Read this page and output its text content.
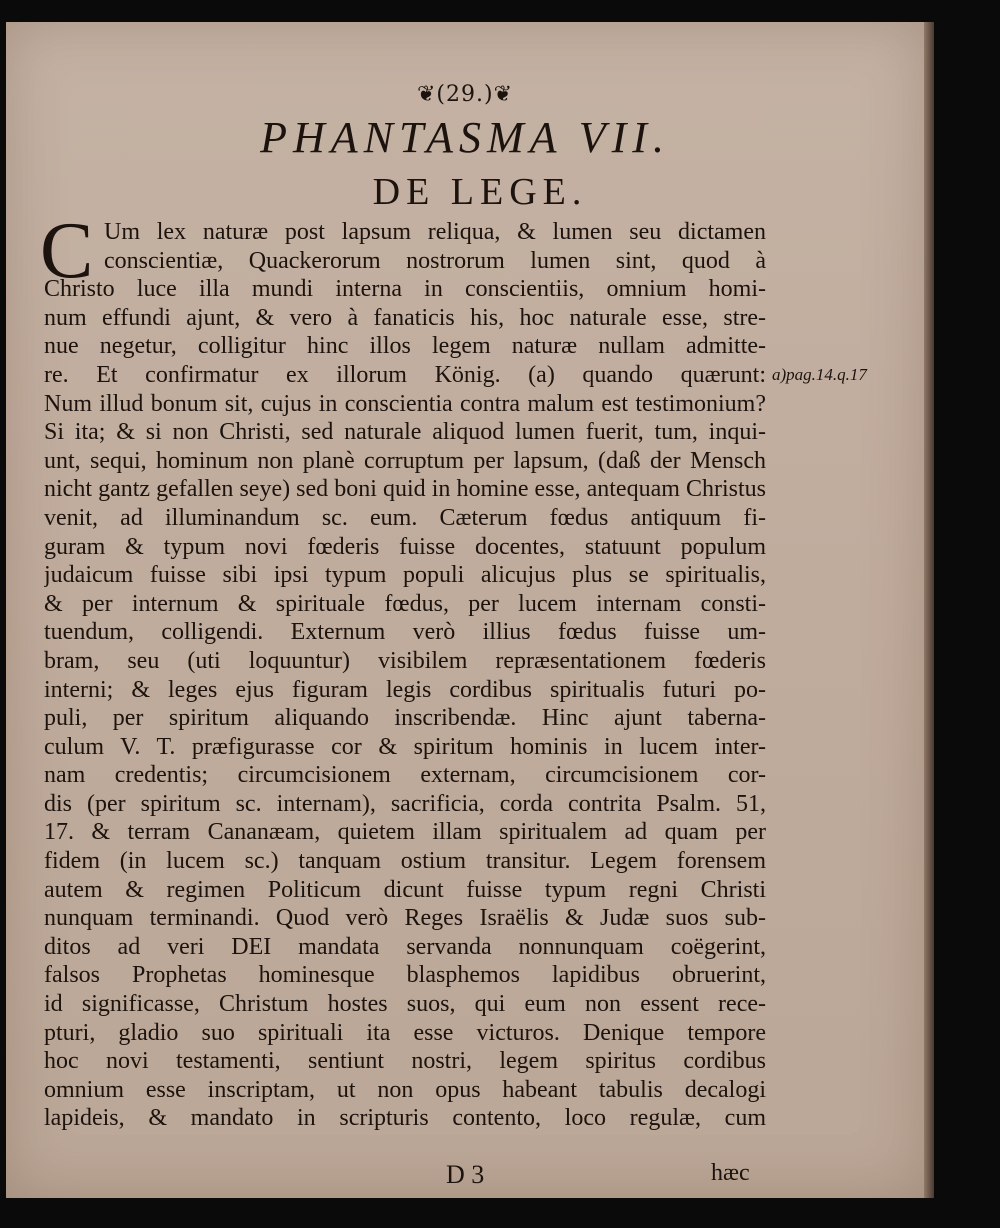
❦(29.)❦
PHANTASMA VII.
DE LEGE.
C Um lex naturæ post lapsum reliqua, & lumen seu dictamen
conscientiæ, Quackerorum nostrorum lumen sint, quod à
Christo luce illa mundi interna in conscientiis, omnium homi-
num effundi ajunt, & vero à fanaticis his, hoc naturale esse, stre-
nue negetur, colligitur hinc illos legem naturæ nullam admitte-
re. Et confirmatur ex illorum König. (a) quando quærunt:
Num illud bonum sit, cujus in conscientia contra malum est testimonium?
Si ita; & si non Christi, sed naturale aliquod lumen fuerit, tum, inqui-
unt, sequi, hominum non planè corruptum per lapsum, (daß der Mensch
nicht gantz gefallen seye) sed boni quid in homine esse, antequam Christus
venit, ad illuminandum sc. eum. Cæterum fœdus antiquum fi-
guram & typum novi fœderis fuisse docentes, statuunt populum
judaicum fuisse sibi ipsi typum populi alicujus plus se spiritualis,
& per internum & spirituale fœdus, per lucem internam consti-
tuendum, colligendi. Externum verò illius fœdus fuisse um-
bram, seu (uti loquuntur) visibilem repræsentationem fœderis
interni; & leges ejus figuram legis cordibus spiritualis futuri po-
puli, per spiritum aliquando inscribendæ. Hinc ajunt taberna-
culum V. T. præfigurasse cor & spiritum hominis in lucem inter-
nam credentis; circumcisionem externam, circumcisionem cor-
dis (per spiritum sc. internam), sacrificia, corda contrita Psalm. 51,
17. & terram Cananæam, quietem illam spiritualem ad quam per
fidem (in lucem sc.) tanquam ostium transitur. Legem forensem
autem & regimen Politicum dicunt fuisse typum regni Christi
nunquam terminandi. Quod verò Reges Israëlis & Judæ suos sub-
ditos ad veri DEI mandata servanda nonnunquam coëgerint,
falsos Prophetas hominesque blasphemos lapidibus obruerint,
id significasse, Christum hostes suos, qui eum non essent rece-
pturi, gladio suo spirituali ita esse victuros. Denique tempore
hoc novi testamenti, sentiunt nostri, legem spiritus cordibus
omnium esse inscriptam, ut non opus habeant tabulis decalogi
lapideis, & mandato in scripturis contento, loco regulæ, cum
a)pag.14.q.17
D 3	hæc
